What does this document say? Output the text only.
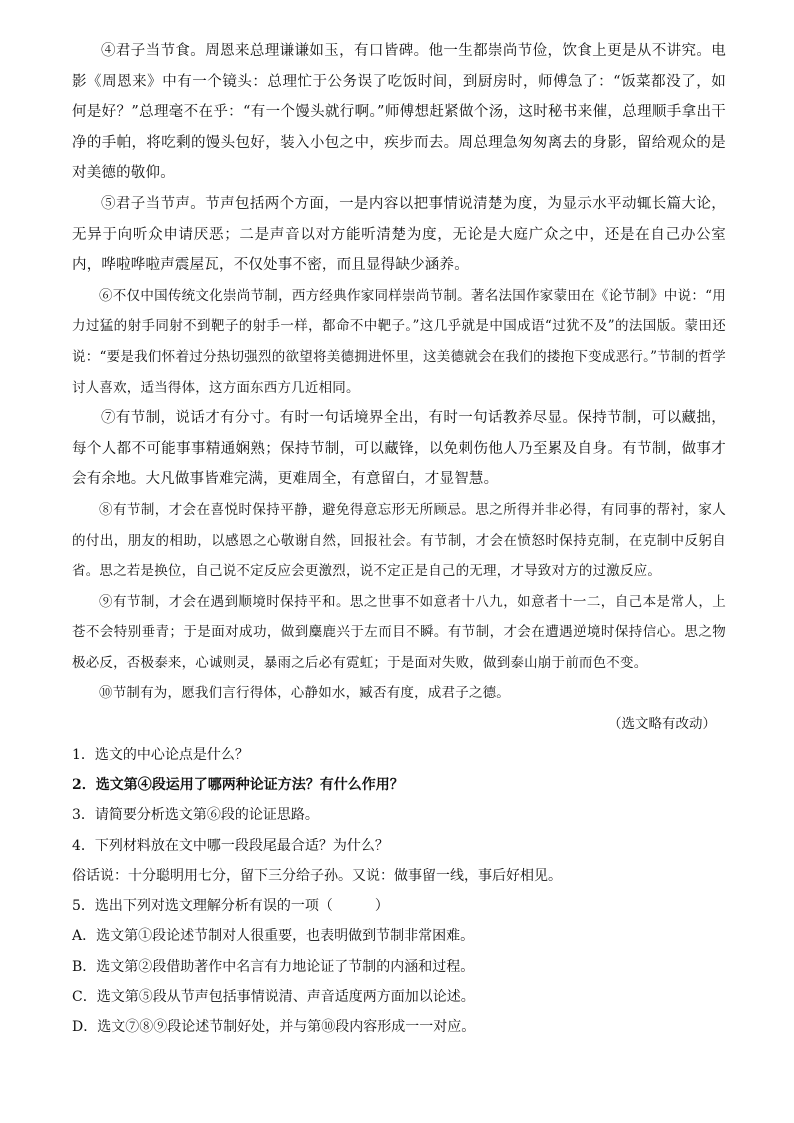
④君子当节食。周恩来总理谦谦如玉，有口皆碑。他一生都崇尚节俭，饮食上更是从不讲究。电影《周恩来》中有一个镜头：总理忙于公务误了吃饭时间，到厨房时，师傅急了：“饭菜都没了，如何是好？”总理毫不在乎：“有一个馒头就行啊。”师傅想赶紧做个汤，这时秘书来催，总理顺手拿出干净的手帕，将吃剩的馒头包好，装入小包之中，疾步而去。周总理急匆匆离去的身影，留给观众的是对美德的敬仰。

⑤君子当节声。节声包括两个方面，一是内容以把事情说清楚为度，为显示水平动辄长篇大论，无异于向听众申请厌恶；二是声音以对方能听清楚为度，无论是大庭广众之中，还是在自己办公室内，哗啦哗啦声震屋瓦，不仅处事不密，而且显得缺少涵养。

⑥不仅中国传统文化崇尚节制，西方经典作家同样崇尚节制。著名法国作家蒙田在《论节制》中说：“用力过猛的射手同射不到靶子的射手一样，都命不中靶子。”这几乎就是中国成语“过犹不及”的法国版。蒙田还说：“要是我们怀着过分热切强烈的欲望将美德拥进怀里，这美德就会在我们的搂抱下变成恶行。”节制的哲学讨人喜欢，适当得体，这方面东西方几近相同。

⑦有节制，说话才有分寸。有时一句话境界全出，有时一句话教养尽显。保持节制，可以藏拙，每个人都不可能事事精通娴熟；保持节制，可以藏锋，以免刺伤他人乃至累及自身。有节制，做事才会有余地。大凡做事皆难完满，更难周全，有意留白，才显智慧。

⑧有节制，才会在喜悦时保持平静，避免得意忘形无所顾忌。思之所得并非必得，有同事的帮衬，家人的付出，朋友的相助，以感恩之心敬谢自然，回报社会。有节制，才会在愤怒时保持克制，在克制中反躬自省。思之若是换位，自己说不定反应会更激烈，说不定正是自己的无理，才导致对方的过激反应。

⑨有节制，才会在遇到顺境时保持平和。思之世事不如意者十八九，如意者十一二，自己本是常人，上苍不会特别垂青；于是面对成功，做到麋鹿兴于左而目不瞬。有节制，才会在遭遇逆境时保持信心。思之物极必反，否极泰来，心诚则灵，暴雨之后必有霓虹；于是面对失败，做到泰山崩于前而色不变。

⑩节制有为，愿我们言行得体，心静如水，臧否有度，成君子之德。

（选文略有改动）

1．选文的中心论点是什么？

2．选文第④段运用了哪两种论证方法？有什么作用？

3．请简要分析选文第⑥段的论证思路。

4．下列材料放在文中哪一段段尾最合适？为什么？

俗话说：十分聪明用七分，留下三分给子孙。又说：做事留一线，事后好相见。

5．选出下列对选文理解分析有误的一项（　　　）

A．选文第①段论述节制对人很重要，也表明做到节制非常困难。

B．选文第②段借助著作中名言有力地论证了节制的内涵和过程。

C．选文第⑤段从节声包括事情说清、声音适度两方面加以论述。

D．选文⑦⑧⑨段论述节制好处，并与第⑩段内容形成一一对应。
